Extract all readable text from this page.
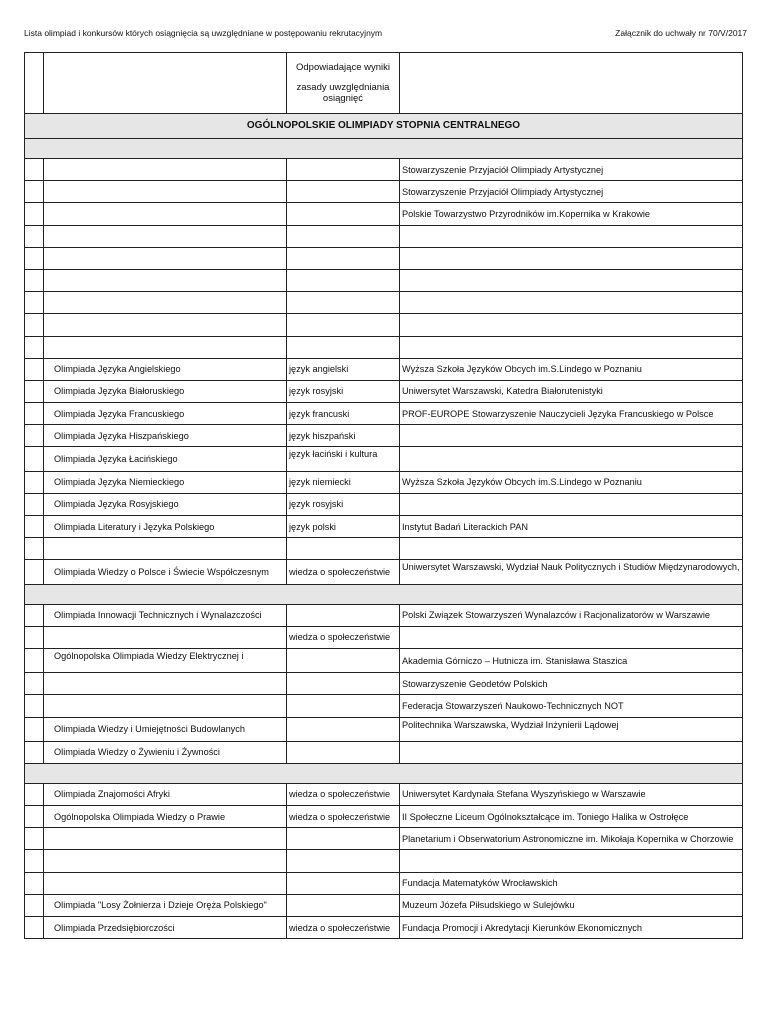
Lista olimpiad i konkursów których osiągnięcia są uwzględniane w postępowaniu rekrutacyjnym	Załącznik do uchwały nr 70/V/2017

		Odpowiadające wyniki
zasady uwzględniania osiągnięć	

OGÓLNOPOLSKIE OLIMPIADY STOPNIA CENTRALNEGO			

			Stowarzyszenie Przyjaciół Olimpiady Artystycznej
			Stowarzyszenie Przyjaciół Olimpiady Artystycznej
			Polskie Towarzystwo Przyrodników im.Kopernika w Krakowie

	Olimpiada Języka Angielskiego	język angielski	Wyższa Szkoła Języków Obcych im.S.Lindego w Poznaniu
	Olimpiada Języka Białoruskiego	język rosyjski	Uniwersytet Warszawski, Katedra Białorutenistyki
	Olimpiada Języka Francuskiego	język francuski	PROF-EUROPE Stowarzyszenie Nauczycieli Języka Francuskiego w Polsce
	Olimpiada Języka Hiszpańskiego	język hiszpański	
	Olimpiada Języka Łacińskiego	język łaciński i kultura	
	Olimpiada Języka Niemieckiego	język niemiecki	Wyższa Szkoła Języków Obcych im.S.Lindego w Poznaniu
	Olimpiada Języka Rosyjskiego	język rosyjski	
	Olimpiada Literatury i Języka Polskiego	język polski	Instytut Badań Literackich PAN

	Olimpiada Wiedzy o Polsce i Świecie Współczesnym	wiedza o społeczeństwie	Uniwersytet Warszawski, Wydział Nauk Politycznych i Studiów Międzynarodowych,

	Olimpiada Innowacji Technicznych i Wynalazczości		Polski Związek Stowarzyszeń Wynalazców i Racjonalizatorów w Warszawie
		wiedza o społeczeństwie	
	Ogólnopolska Olimpiada Wiedzy Elektrycznej i		Akademia Górniczo – Hutnicza im. Stanisława Staszica
			Stowarzyszenie Geodetów Polskich
			Federacja Stowarzyszeń Naukowo-Technicznych NOT
	Olimpiada Wiedzy i Umiejętności Budowlanych		Politechnika Warszawska, Wydział Inżynierii Lądowej
	Olimpiada Wiedzy o Żywieniu i Żywności		

	Olimpiada Znajomości Afryki	wiedza o społeczeństwie	Uniwersytet Kardynała Stefana Wyszyńskiego w Warszawie
	Ogólnopolska Olimpiada Wiedzy o Prawie	wiedza o społeczeństwie	II Społeczne Liceum Ogólnokształcące im. Toniego Halika w Ostrołęce
			Planetarium i Obserwatorium Astronomiczne im. Mikołaja Kopernika w Chorzowie

			Fundacja Matematyków Wrocławskich
	Olimpiada "Losy Żołnierza i Dzieje Oręża Polskiego"		Muzeum Józefa Piłsudskiego w Sulejówku
	Olimpiada Przedsiębiorczości	wiedza o społeczeństwie	Fundacja Promocji i Akredytacji Kierunków Ekonomicznych
